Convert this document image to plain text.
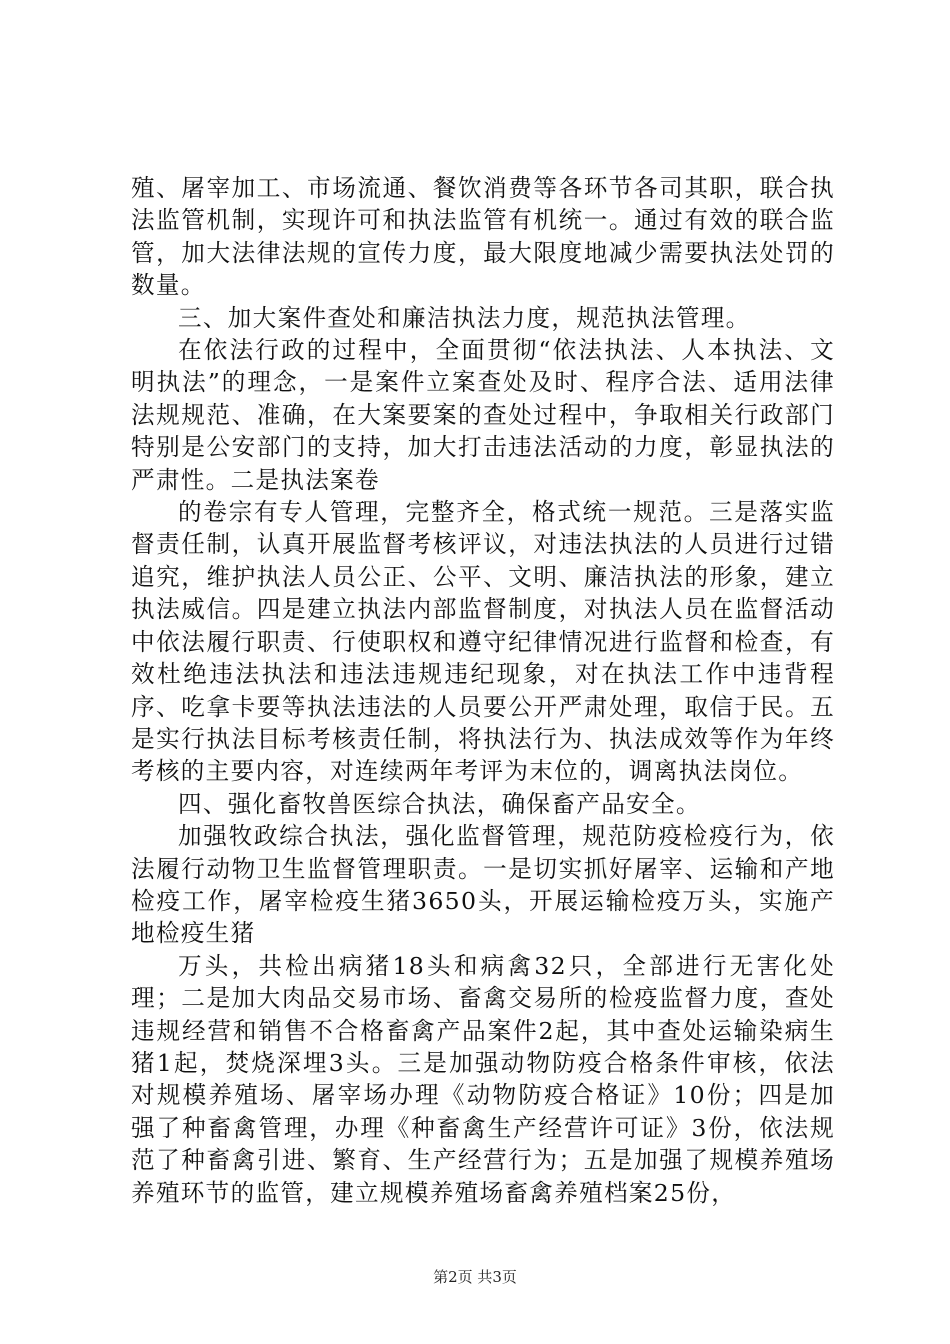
殖、屠宰加工、市场流通、餐饮消费等各环节各司其职，联合执法监管机制，实现许可和执法监管有机统一。通过有效的联合监管，加大法律法规的宣传力度，最大限度地减少需要执法处罚的数量。

三、加大案件查处和廉洁执法力度，规范执法管理。

在依法行政的过程中，全面贯彻“依法执法、人本执法、文明执法”的理念，一是案件立案查处及时、程序合法、适用法律法规规范、准确，在大案要案的查处过程中，争取相关行政部门特别是公安部门的支持，加大打击违法活动的力度，彰显执法的严肃性。二是执法案卷

的卷宗有专人管理，完整齐全，格式统一规范。三是落实监督责任制，认真开展监督考核评议，对违法执法的人员进行过错追究，维护执法人员公正、公平、文明、廉洁执法的形象，建立执法威信。四是建立执法内部监督制度，对执法人员在监督活动中依法履行职责、行使职权和遵守纪律情况进行监督和检查，有效杜绝违法执法和违法违规违纪现象，对在执法工作中违背程序、吃拿卡要等执法违法的人员要公开严肃处理，取信于民。五是实行执法目标考核责任制，将执法行为、执法成效等作为年终考核的主要内容，对连续两年考评为末位的，调离执法岗位。

四、强化畜牧兽医综合执法，确保畜产品安全。

加强牧政综合执法，强化监督管理，规范防疫检疫行为，依法履行动物卫生监督管理职责。一是切实抓好屠宰、运输和产地检疫工作，屠宰检疫生猪3650头，开展运输检疫万头，实施产地检疫生猪

万头，共检出病猪18头和病禽32只，全部进行无害化处理；二是加大肉品交易市场、畜禽交易所的检疫监督力度，查处违规经营和销售不合格畜禽产品案件2起，其中查处运输染病生猪1起，焚烧深埋3头。三是加强动物防疫合格条件审核，依法对规模养殖场、屠宰场办理《动物防疫合格证》10份；四是加强了种畜禽管理，办理《种畜禽生产经营许可证》3份，依法规范了种畜禽引进、繁育、生产经营行为；五是加强了规模养殖场养殖环节的监管，建立规模养殖场畜禽养殖档案25份，

第2页 共3页
